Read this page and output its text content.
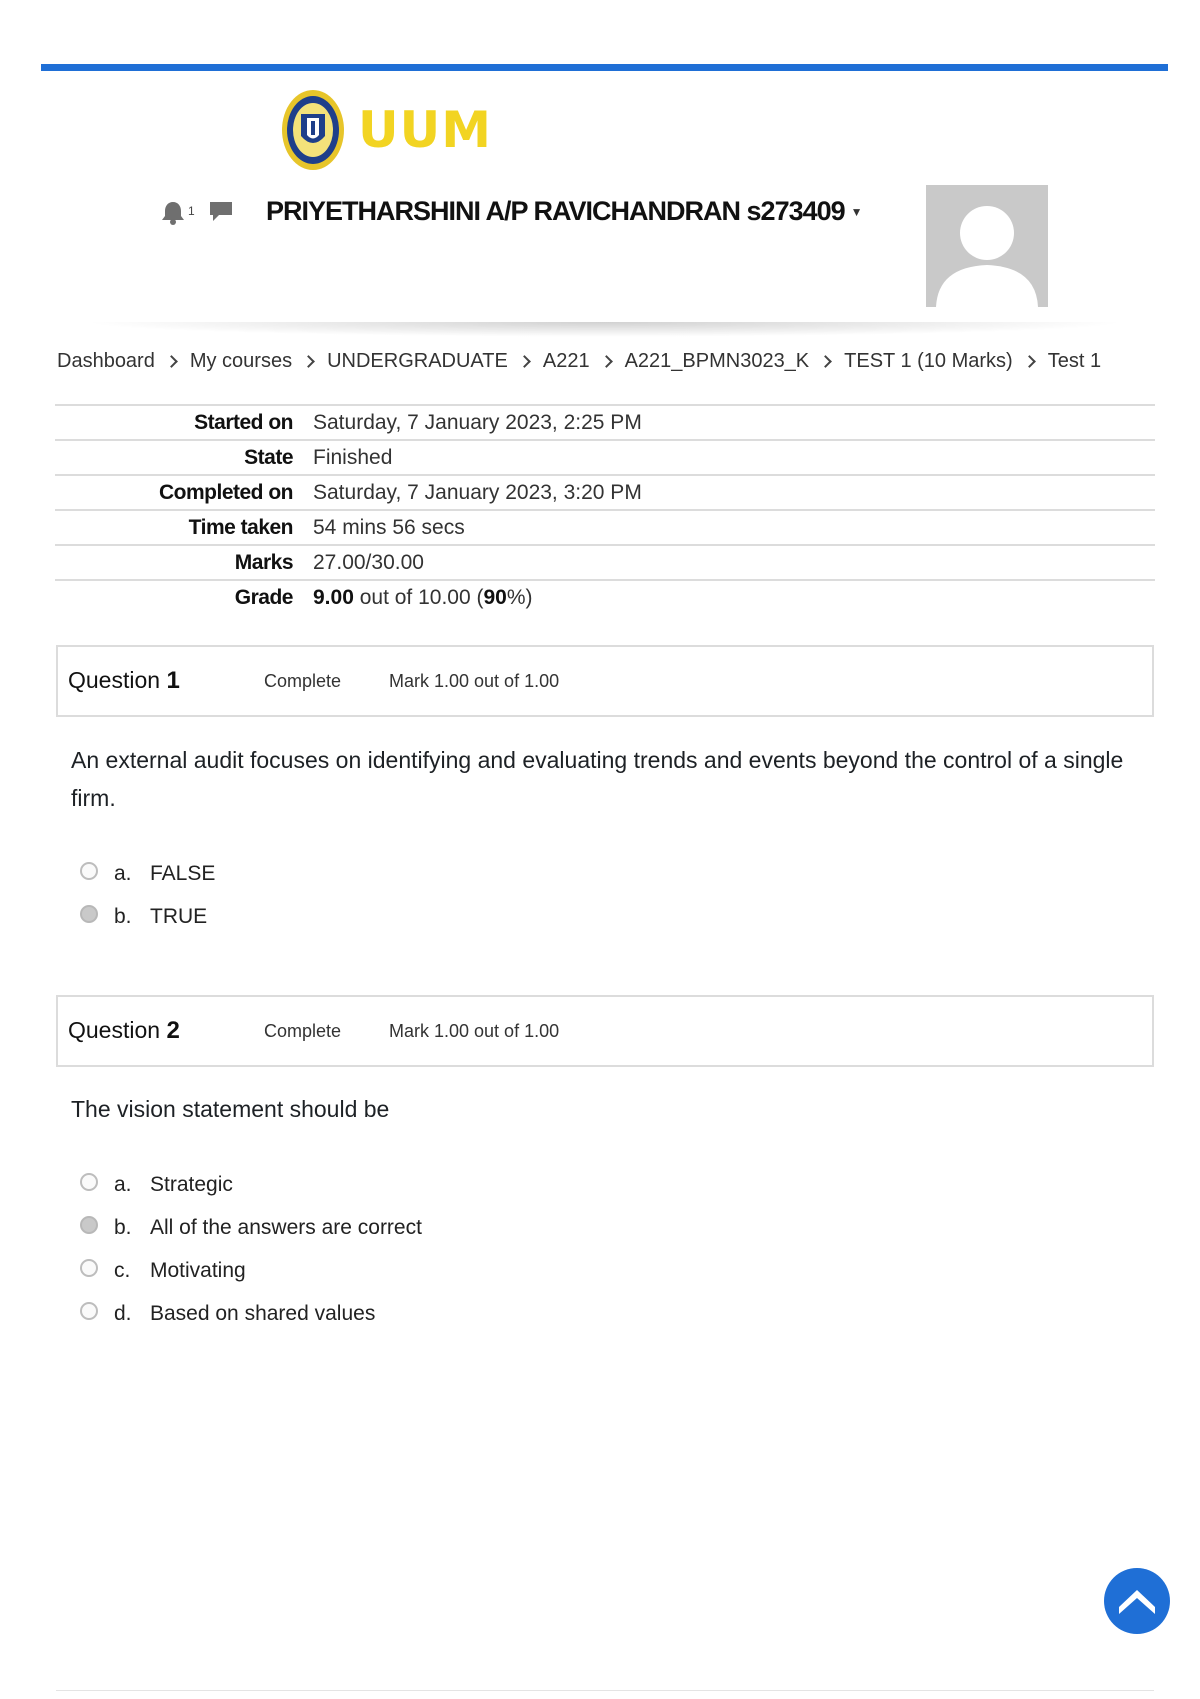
UUM
PRIYETHARSHINI A/P RAVICHANDRAN s273409 ▼
1
Dashboard My courses UNDERGRADUATE A221 A221_BPMN3023_K TEST 1 (10 Marks) Test 1
Started on	Saturday, 7 January 2023, 2:25 PM
State	Finished
Completed on	Saturday, 7 January 2023, 3:20 PM
Time taken	54 mins 56 secs
Marks	27.00/30.00
Grade	9.00 out of 10.00 (90%)
Question 1	Complete	Mark 1.00 out of 1.00
An external audit focuses on identifying and evaluating trends and events beyond the control of a single firm.
a. FALSE
b. TRUE
Question 2	Complete	Mark 1.00 out of 1.00
The vision statement should be
a. Strategic
b. All of the answers are correct
c. Motivating
d. Based on shared values
